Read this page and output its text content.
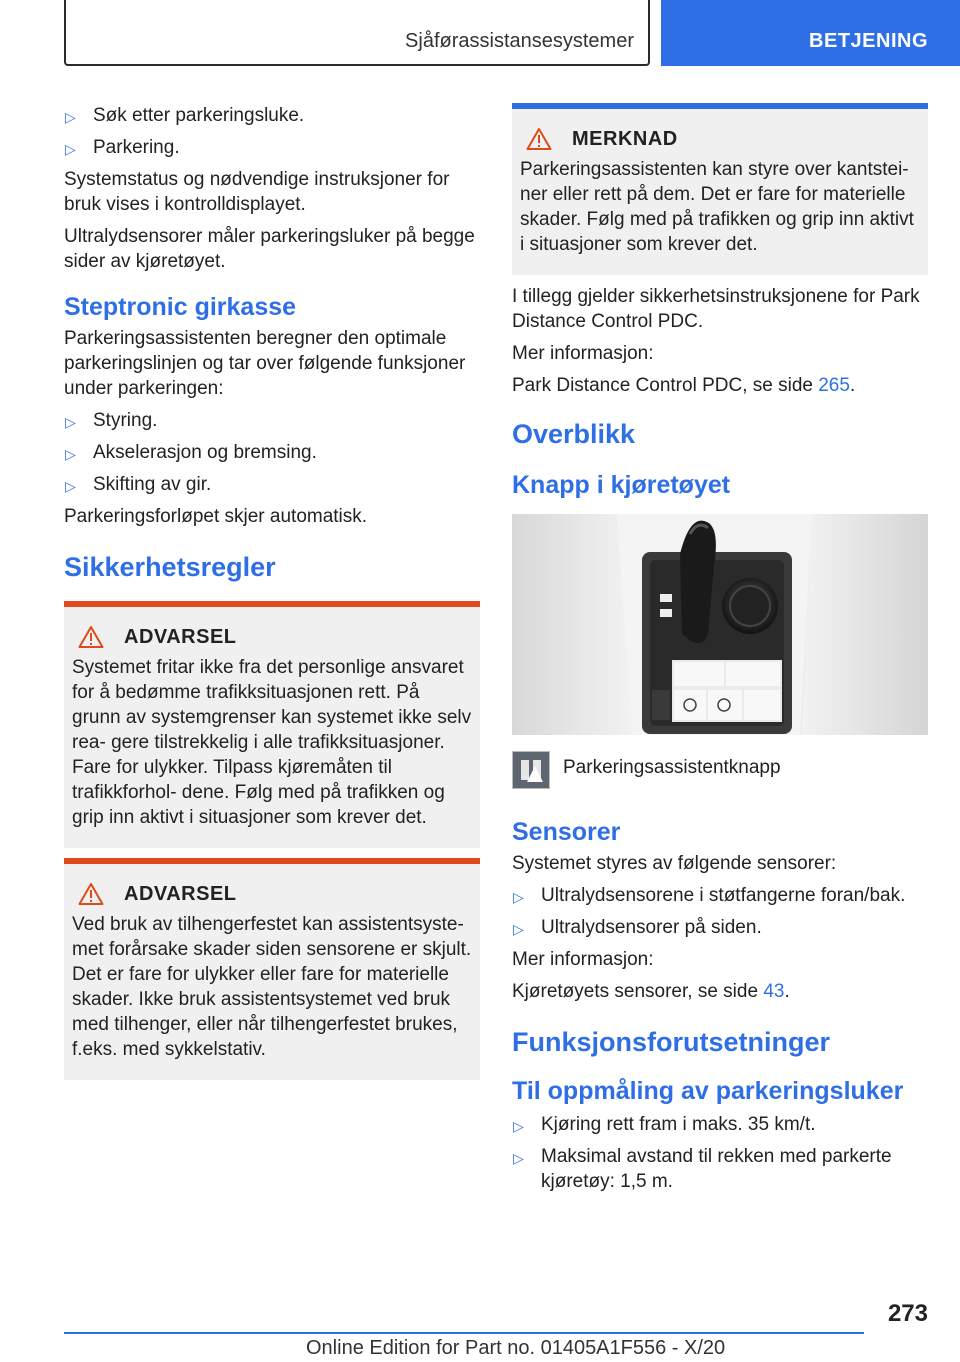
Sjåførassistansesystemer	BETJENING
▷ Søk etter parkeringsluke.
▷ Parkering.

Systemstatus og nødvendige instruksjoner for bruk vises i kontrolldisplayet.

Ultralydsensorer måler parkeringsluker på begge sider av kjøretøyet.

Steptronic girkasse

Parkeringsassistenten beregner den optimale parkeringslinjen og tar over følgende funksjoner under parkeringen:

▷ Styring.
▷ Akselerasjon og bremsing.
▷ Skifting av gir.

Parkeringsforløpet skjer automatisk.

Sikkerhetsregler
ADVARSEL

Systemet fritar ikke fra det personlige ansvaret for å bedømme trafikksituasjonen rett. På grunn av systemgrenser kan systemet ikke selv rea- gere tilstrekkelig i alle trafikksituasjoner. Fare for ulykker. Tilpass kjøremåten til trafikkforhol- dene. Følg med på trafikken og grip inn aktivt i situasjoner som krever det.

ADVARSEL

Ved bruk av tilhengerfestet kan assistentsyste- met forårsake skader siden sensorene er skjult. Det er fare for ulykker eller fare for materielle skader. Ikke bruk assistentsystemet ved bruk med tilhenger, eller når tilhengerfestet brukes, f.eks. med sykkelstativ.

MERKNAD

Parkeringsassistenten kan styre over kantstei- ner eller rett på dem. Det er fare for materielle skader. Følg med på trafikken og grip inn aktivt i situasjoner som krever det.

I tillegg gjelder sikkerhetsinstruksjonene for Park Distance Control PDC.

Mer informasjon:

Park Distance Control PDC, se side 265.

Overblikk
Knapp i kjøretøyet
Parkeringsassistentknapp
Sensorer

Systemet styres av følgende sensorer:

▷ Ultralydsensorene i støtfangerne foran/bak.
▷ Ultralydsensorer på siden.

Mer informasjon:

Kjøretøyets sensorer, se side 43.

Funksjonsforutsetninger
Til oppmåling av parkeringsluker
▷ Kjøring rett fram i maks. 35 km/t.
▷ Maksimal avstand til rekken med parkerte kjøretøy: 1,5 m.
273
Online Edition for Part no. 01405A1F556 - X/20
